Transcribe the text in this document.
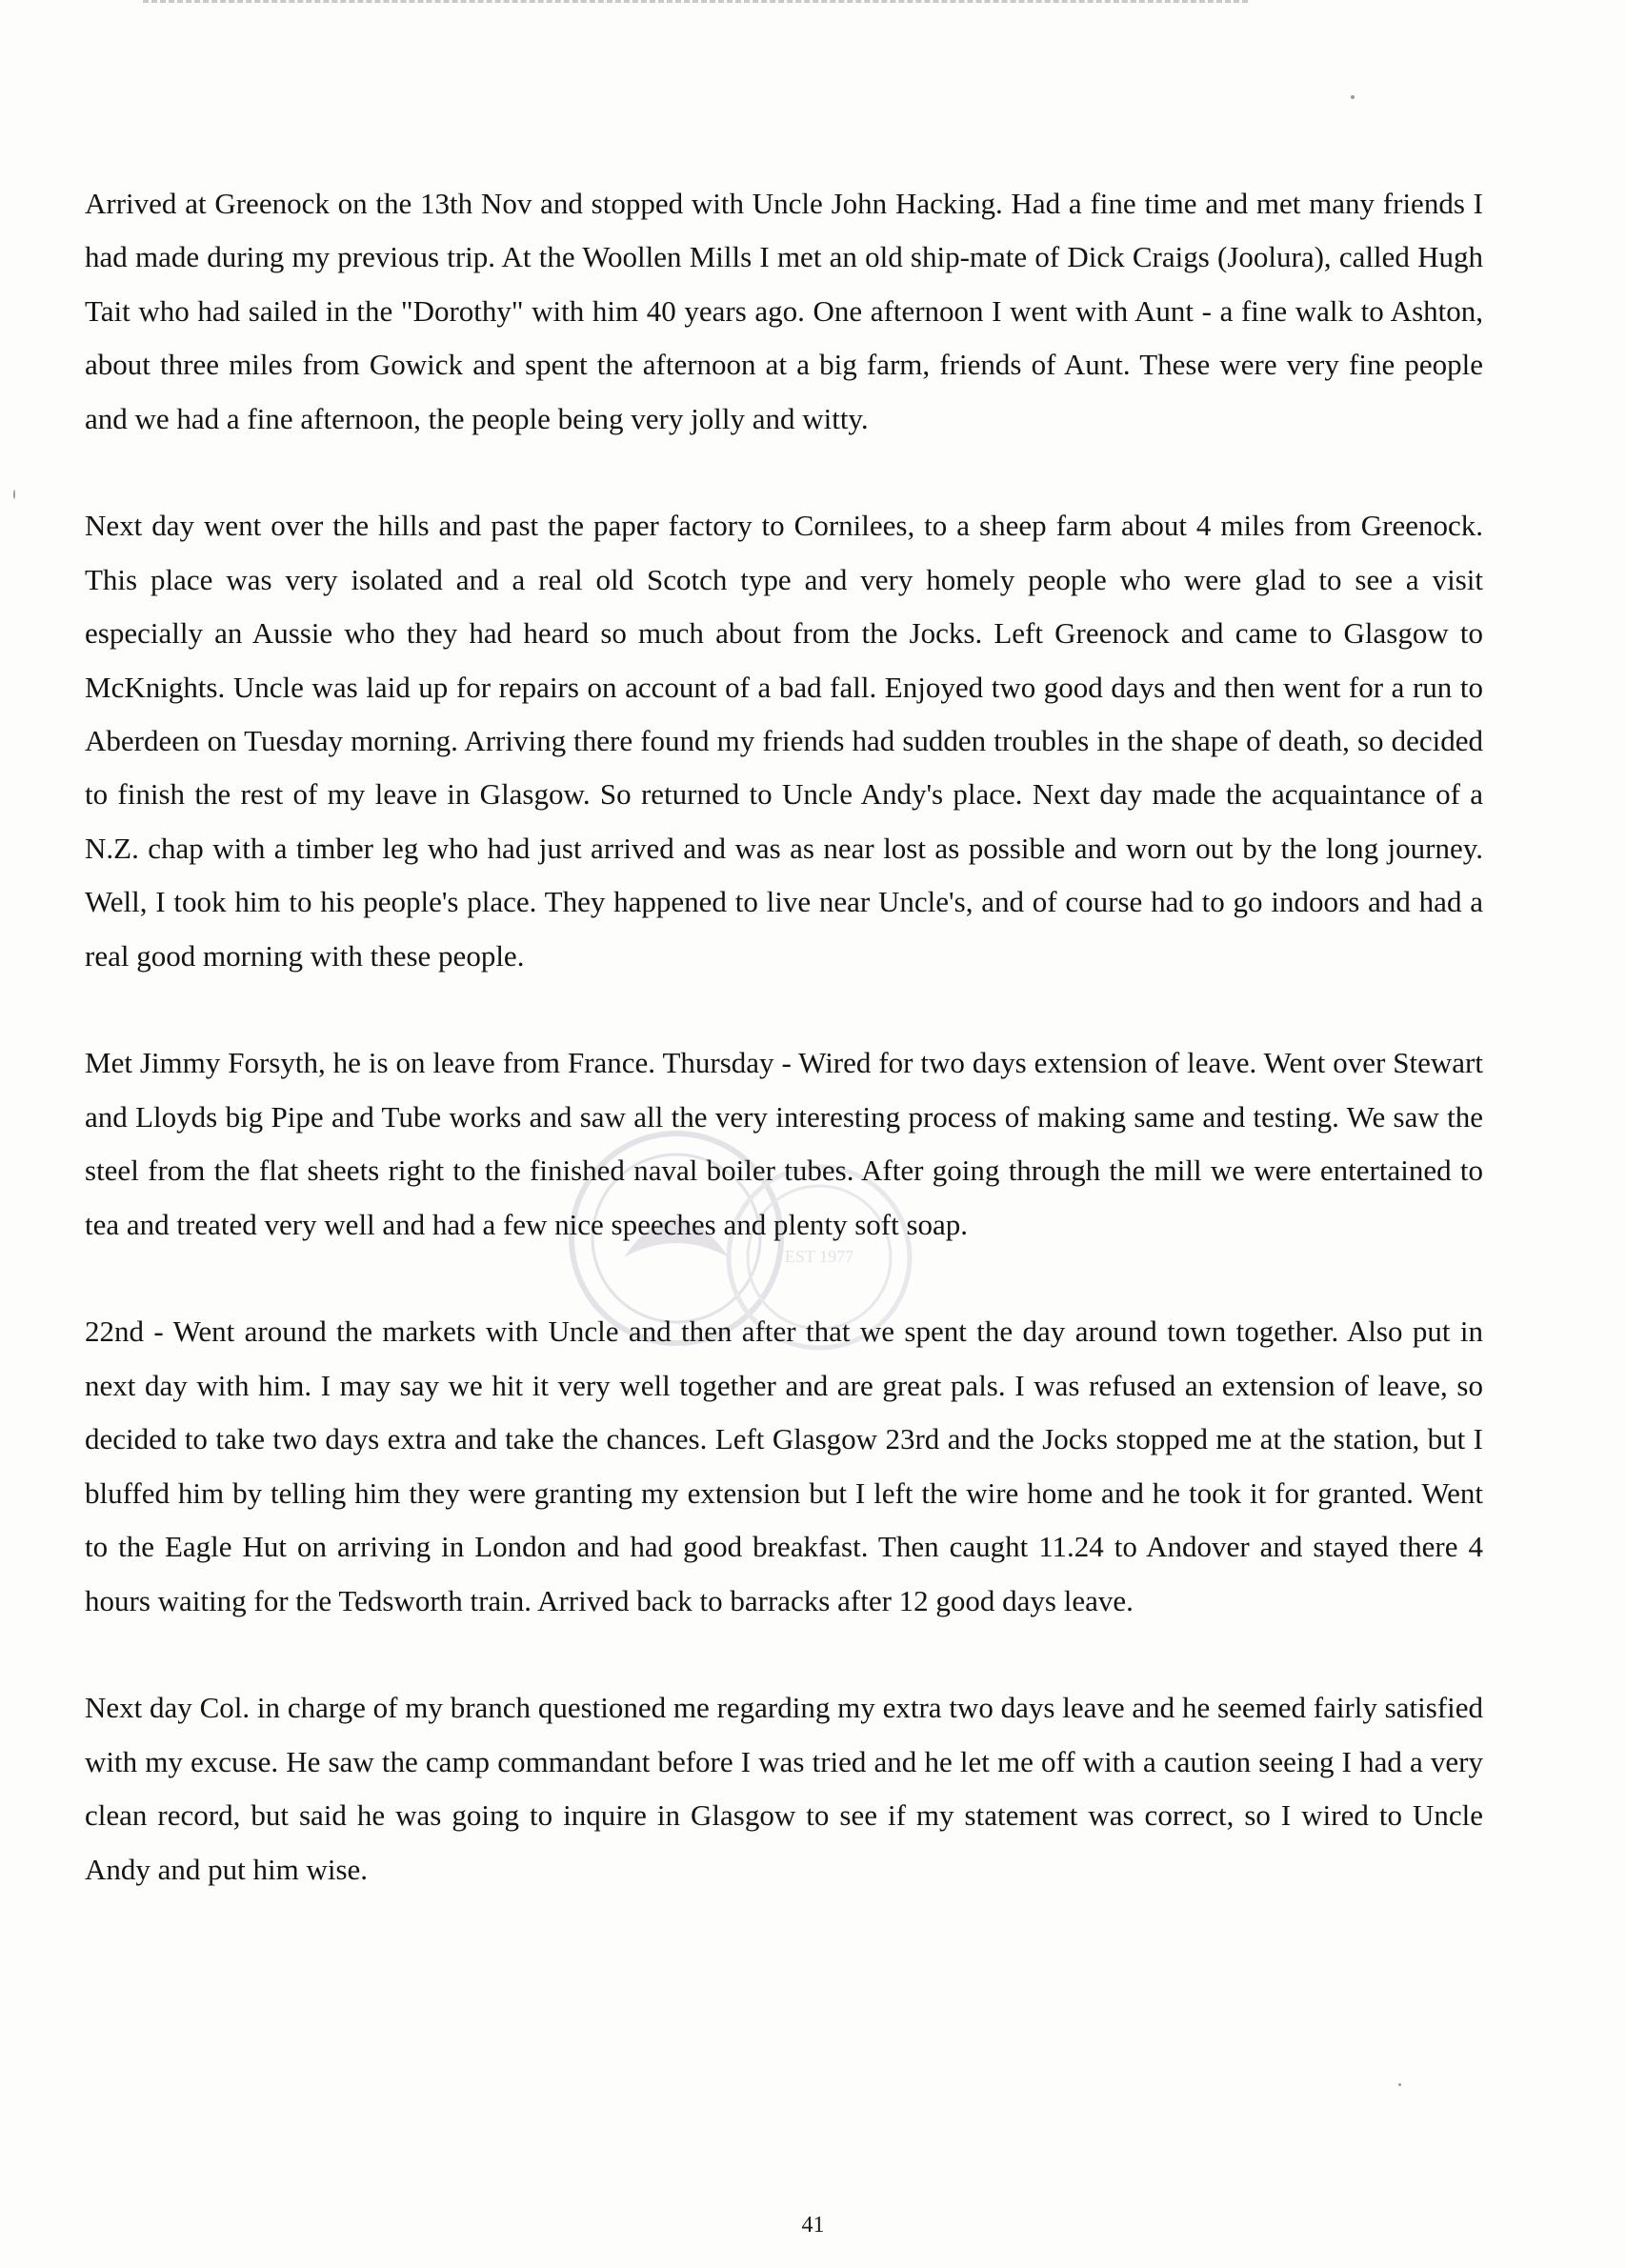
EST 1977

Arrived at Greenock on the 13th Nov and stopped with Uncle John Hacking. Had a fine time and met many friends I had made during my previous trip. At the Woollen Mills I met an old ship-mate of Dick Craigs (Joolura), called Hugh Tait who had sailed in the "Dorothy" with him 40 years ago. One afternoon I went with Aunt - a fine walk to Ashton, about three miles from Gowick and spent the afternoon at a big farm, friends of Aunt. These were very fine people and we had a fine afternoon, the people being very jolly and witty.

Next day went over the hills and past the paper factory to Cornilees, to a sheep farm about 4 miles from Greenock. This place was very isolated and a real old Scotch type and very homely people who were glad to see a visit especially an Aussie who they had heard so much about from the Jocks. Left Greenock and came to Glasgow to McKnights. Uncle was laid up for repairs on account of a bad fall. Enjoyed two good days and then went for a run to Aberdeen on Tuesday morning. Arriving there found my friends had sudden troubles in the shape of death, so decided to finish the rest of my leave in Glasgow. So returned to Uncle Andy's place. Next day made the acquaintance of a N.Z. chap with a timber leg who had just arrived and was as near lost as possible and worn out by the long journey. Well, I took him to his people's place. They happened to live near Uncle's, and of course had to go indoors and had a real good morning with these people.

Met Jimmy Forsyth, he is on leave from France. Thursday - Wired for two days extension of leave. Went over Stewart and Lloyds big Pipe and Tube works and saw all the very interesting process of making same and testing. We saw the steel from the flat sheets right to the finished naval boiler tubes. After going through the mill we were entertained to tea and treated very well and had a few nice speeches and plenty soft soap.

22nd - Went around the markets with Uncle and then after that we spent the day around town together. Also put in next day with him. I may say we hit it very well together and are great pals. I was refused an extension of leave, so decided to take two days extra and take the chances. Left Glasgow 23rd and the Jocks stopped me at the station, but I bluffed him by telling him they were granting my extension but I left the wire home and he took it for granted. Went to the Eagle Hut on arriving in London and had good breakfast. Then caught 11.24 to Andover and stayed there 4 hours waiting for the Tedsworth train. Arrived back to barracks after 12 good days leave.

Next day Col. in charge of my branch questioned me regarding my extra two days leave and he seemed fairly satisfied with my excuse. He saw the camp commandant before I was tried and he let me off with a caution seeing I had a very clean record, but said he was going to inquire in Glasgow to see if my statement was correct, so I wired to Uncle Andy and put him wise.

41
